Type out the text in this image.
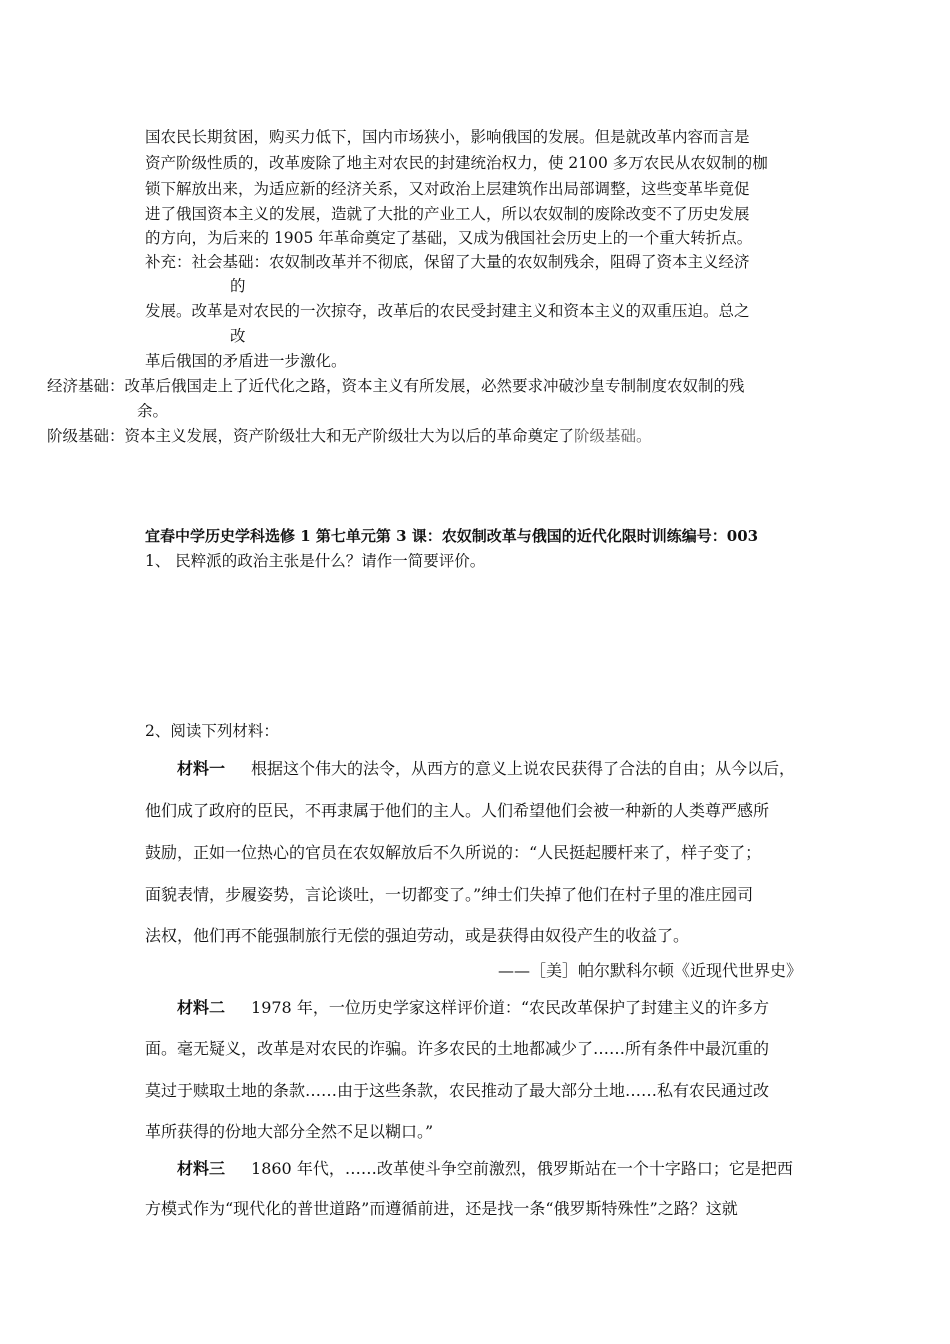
国农民长期贫困，购买力低下，国内市场狭小，影响俄国的发展。但是就改革内容而言是
资产阶级性质的，改革废除了地主对农民的封建统治权力，使 2100 多万农民从农奴制的枷
锁下解放出来，为适应新的经济关系，又对政治上层建筑作出局部调整，这些变革毕竟促
进了俄国资本主义的发展，造就了大批的产业工人，所以农奴制的废除改变不了历史发展
的方向，为后来的 1905 年革命奠定了基础，又成为俄国社会历史上的一个重大转折点。
补充：社会基础：农奴制改革并不彻底，保留了大量的农奴制残余，阻碍了资本主义经济
的
发展。改革是对农民的一次掠夺，改革后的农民受封建主义和资本主义的双重压迫。总之
改
革后俄国的矛盾进一步激化。
经济基础：改革后俄国走上了近代化之路，资本主义有所发展，必然要求冲破沙皇专制制度农奴制的残
余。
阶级基础：资本主义发展，资产阶级壮大和无产阶级壮大为以后的革命奠定了阶级基础。
宜春中学历史学科选修 1 第七单元第 3 课：农奴制改革与俄国的近代化限时训练编号：003
1、 民粹派的政治主张是什么？请作一简要评价。
2、阅读下列材料：
材料一 根据这个伟大的法令，从西方的意义上说农民获得了合法的自由；从今以后，
他们成了政府的臣民，不再隶属于他们的主人。人们希望他们会被一种新的人类尊严感所
鼓励，正如一位热心的官员在农奴解放后不久所说的：“人民挺起腰杆来了，样子变了；
面貌表情，步履姿势，言论谈吐，一切都变了。”绅士们失掉了他们在村子里的准庄园司
法权，他们再不能强制旅行无偿的强迫劳动，或是获得由奴役产生的收益了。
——［美］帕尔默科尔顿《近现代世界史》
材料二 1978 年，一位历史学家这样评价道：“农民改革保护了封建主义的许多方
面。毫无疑义，改革是对农民的诈骗。许多农民的土地都减少了……所有条件中最沉重的
莫过于赎取土地的条款……由于这些条款，农民推动了最大部分土地……私有农民通过改
革所获得的份地大部分全然不足以糊口。”
材料三 1860 年代，……改革使斗争空前激烈，俄罗斯站在一个十字路口；它是把西
方模式作为“现代化的普世道路”而遵循前进，还是找一条“俄罗斯特殊性”之路？这就
